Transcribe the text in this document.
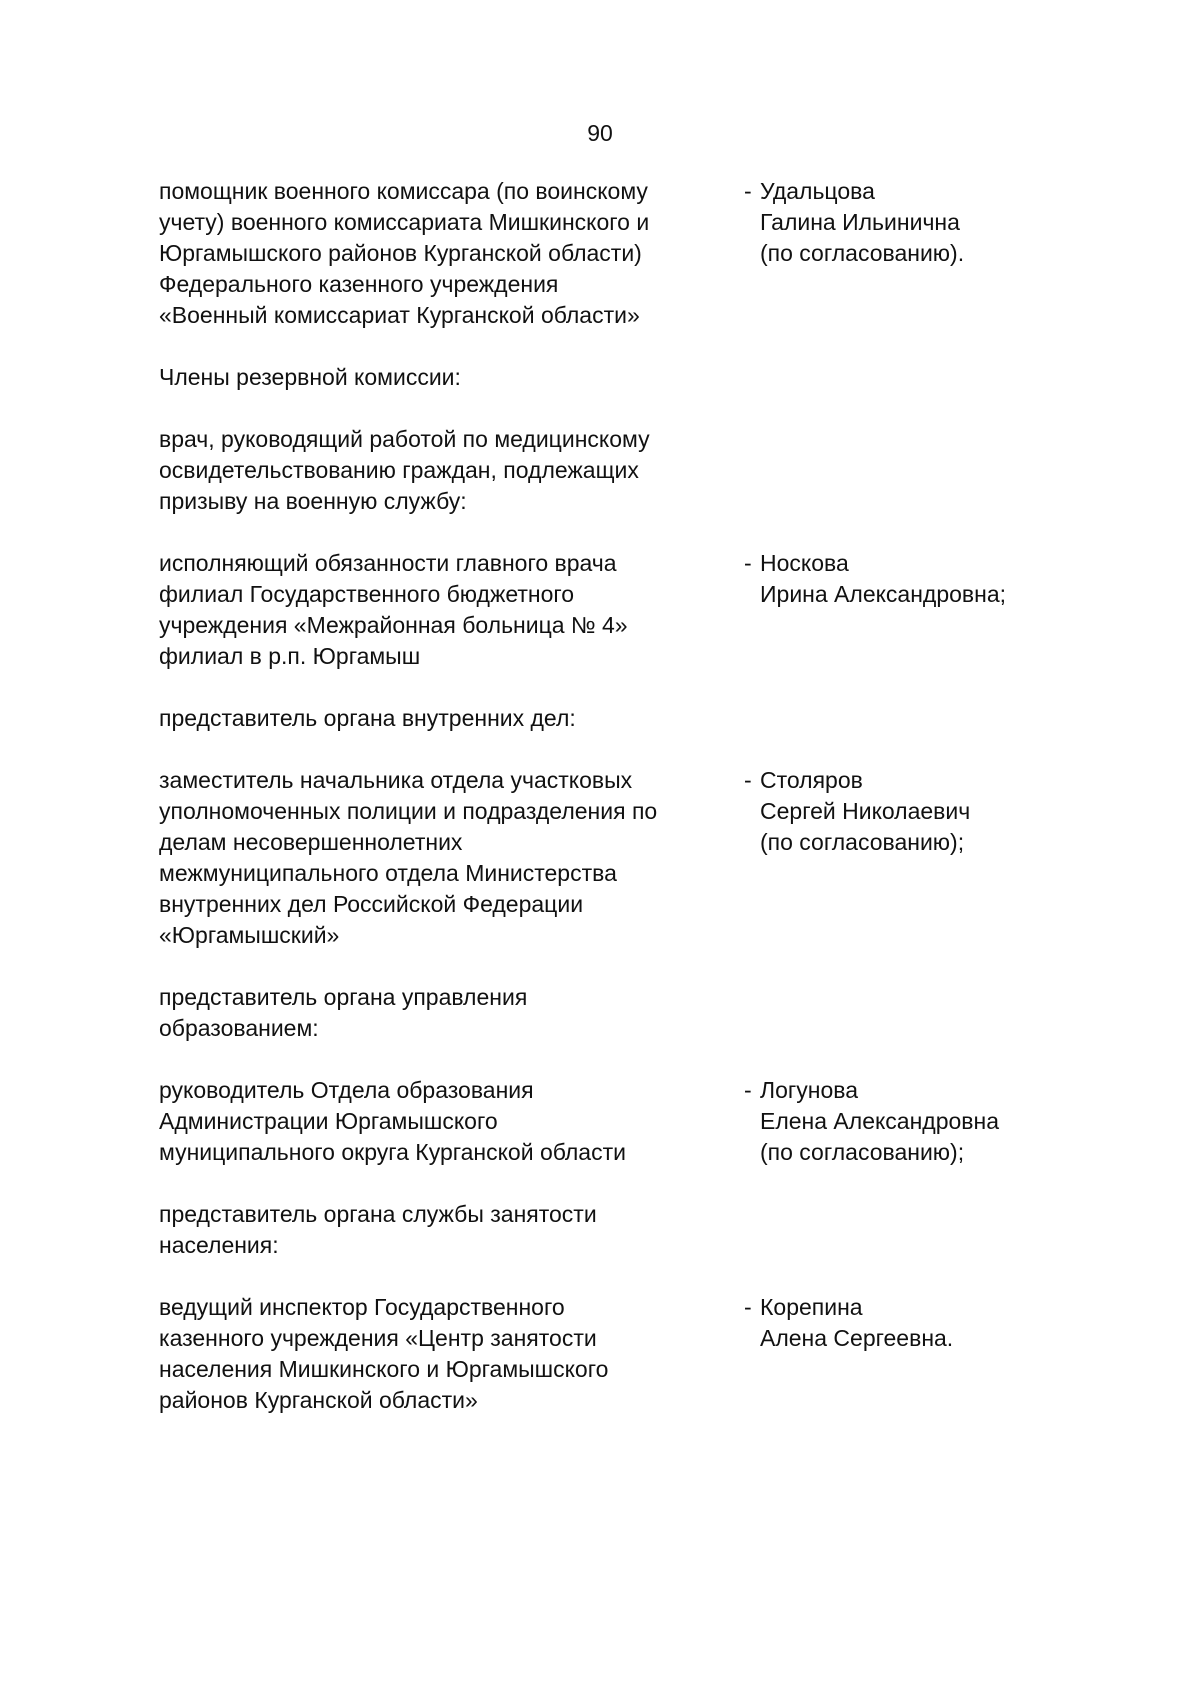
90
помощник военного комиссара (по воинскому
учету) военного комиссариата Мишкинского и
Юргамышского районов Курганской области)
Федерального казенного учреждения
«Военный комиссариат Курганской области»
- Удальцова
Галина Ильинична
(по согласованию).
Члены резервной комиссии:
врач, руководящий работой по медицинскому
освидетельствованию граждан, подлежащих
призыву на военную службу:
исполняющий обязанности главного врача
филиал Государственного бюджетного
учреждения «Межрайонная больница № 4»
филиал в р.п. Юргамыш
- Носкова
Ирина Александровна;
представитель органа внутренних дел:
заместитель начальника отдела участковых
уполномоченных полиции и подразделения по
делам несовершеннолетних
межмуниципального отдела Министерства
внутренних дел Российской Федерации
«Юргамышский»
- Столяров
Сергей Николаевич
(по согласованию);
представитель органа управления
образованием:
руководитель Отдела образования
Администрации Юргамышского
муниципального округа Курганской области
- Логунова
Елена Александровна
(по согласованию);
представитель органа службы занятости
населения:
ведущий инспектор Государственного
казенного учреждения «Центр занятости
населения Мишкинского и Юргамышского
районов Курганской области»
- Корепина
Алена Сергеевна.
